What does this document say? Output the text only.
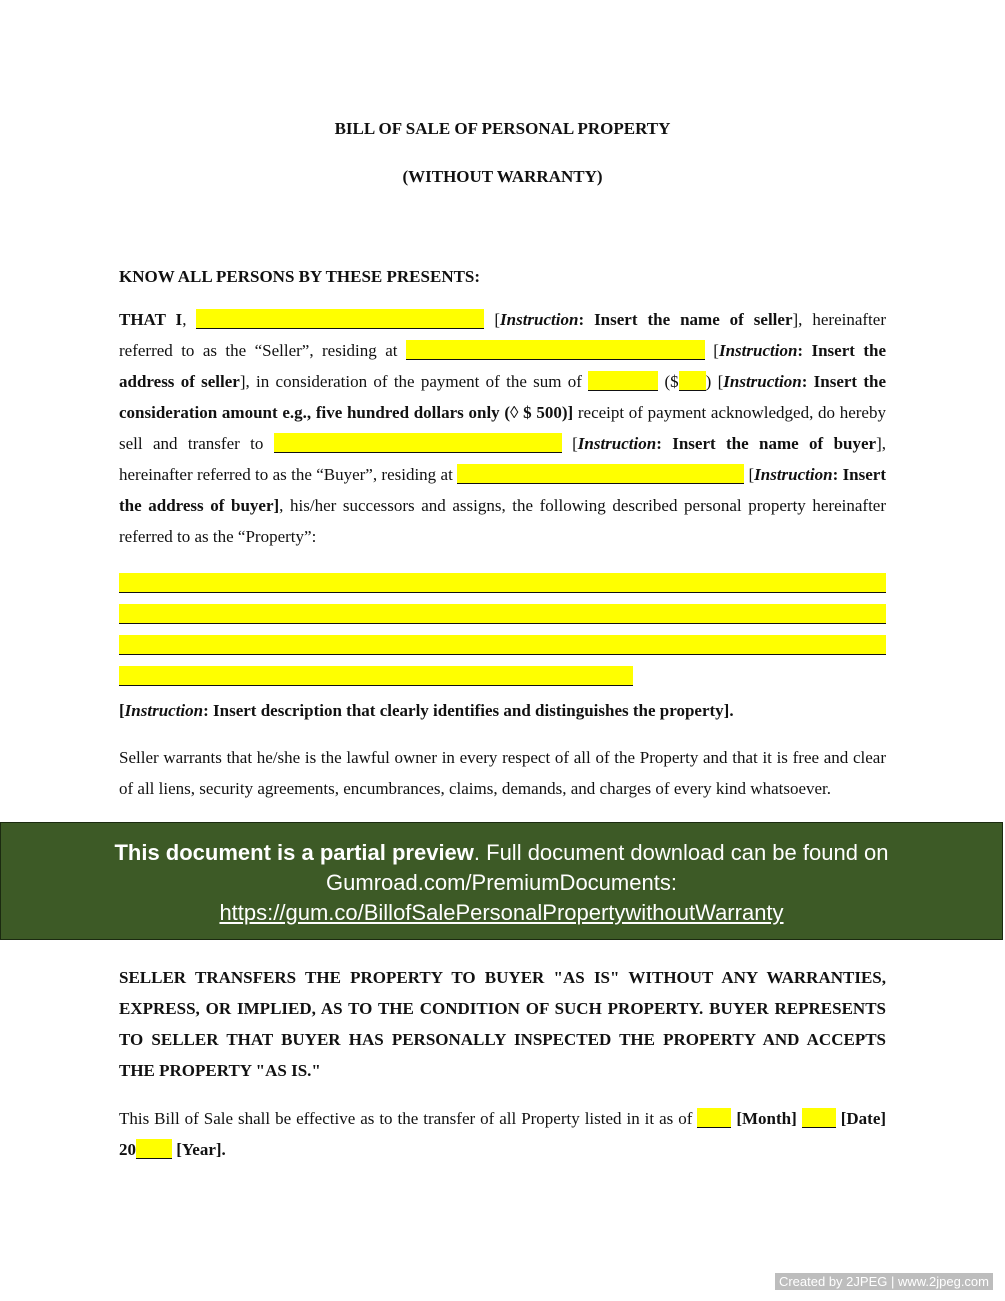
BILL OF SALE OF PERSONAL PROPERTY
(WITHOUT WARRANTY)
KNOW ALL PERSONS BY THESE PRESENTS:

THAT I,	[Instruction: Insert the name of seller], hereinafter referred to as the “Seller”, residing at	[Instruction: Insert the address of seller], in consideration of the payment of the sum of	($ ) [Instruction: Insert the consideration amount e.g., five hundred dollars only (◊ $ 500)] receipt of payment acknowledged, do hereby sell and transfer to	[Instruction: Insert the name of buyer], hereinafter referred to as the “Buyer”, residing at	[Instruction: Insert the address of buyer], his/her successors and assigns, the following described personal property hereinafter referred to as the “Property”:

[Instruction: Insert description that clearly identifies and distinguishes the property].

Seller warrants that he/she is the lawful owner in every respect of all of the Property and that it is free and clear of all liens, security agreements, encumbrances, claims, demands, and charges of every kind whatsoever.

SELLER TRANSFERS THE PROPERTY TO BUYER "AS IS" WITHOUT ANY WARRANTIES, EXPRESS, OR IMPLIED, AS TO THE CONDITION OF SUCH PROPERTY. BUYER REPRESENTS TO SELLER THAT BUYER HAS PERSONALLY INSPECTED THE PROPERTY AND ACCEPTS THE PROPERTY "AS IS."

This Bill of Sale shall be effective as to the transfer of all Property listed in it as of	[Month]	[Date] 20 [Year].

This document is a partial preview. Full document download can be found on
Gumroad.com/PremiumDocuments:
https://gum.co/BillofSalePersonalPropertywithoutWarranty
Created by 2JPEG | www.2jpeg.com
